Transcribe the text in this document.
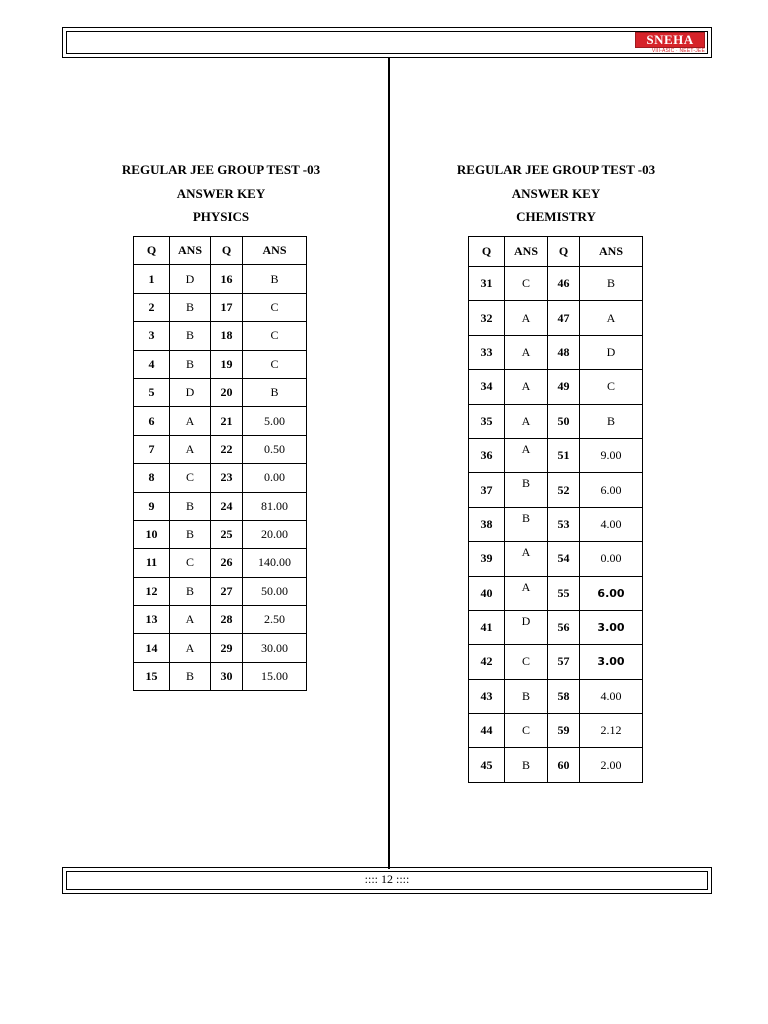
SNEHA
VIII-ASIC · NEET-JEE
REGULAR JEE GROUP TEST -03
ANSWER KEY
PHYSICS
REGULAR JEE GROUP TEST -03
ANSWER KEY
CHEMISTRY
Q	ANS	Q	ANS
1	D	16	B
2	B	17	C
3	B	18	C
4	B	19	C
5	D	20	B
6	A	21	5.00
7	A	22	0.50
8	C	23	0.00
9	B	24	81.00
10	B	25	20.00
11	C	26	140.00
12	B	27	50.00
13	A	28	2.50
14	A	29	30.00
15	B	30	15.00
Q	ANS	Q	ANS
31	C	46	B
32	A	47	A
33	A	48	D
34	A	49	C
35	A	50	B
36	A	51	9.00
37	B	52	6.00
38	B	53	4.00
39	A	54	0.00
40	A	55	6.00
41	D	56	3.00
42	C	57	3.00
43	B	58	4.00
44	C	59	2.12
45	B	60	2.00
:::: 12 ::::
